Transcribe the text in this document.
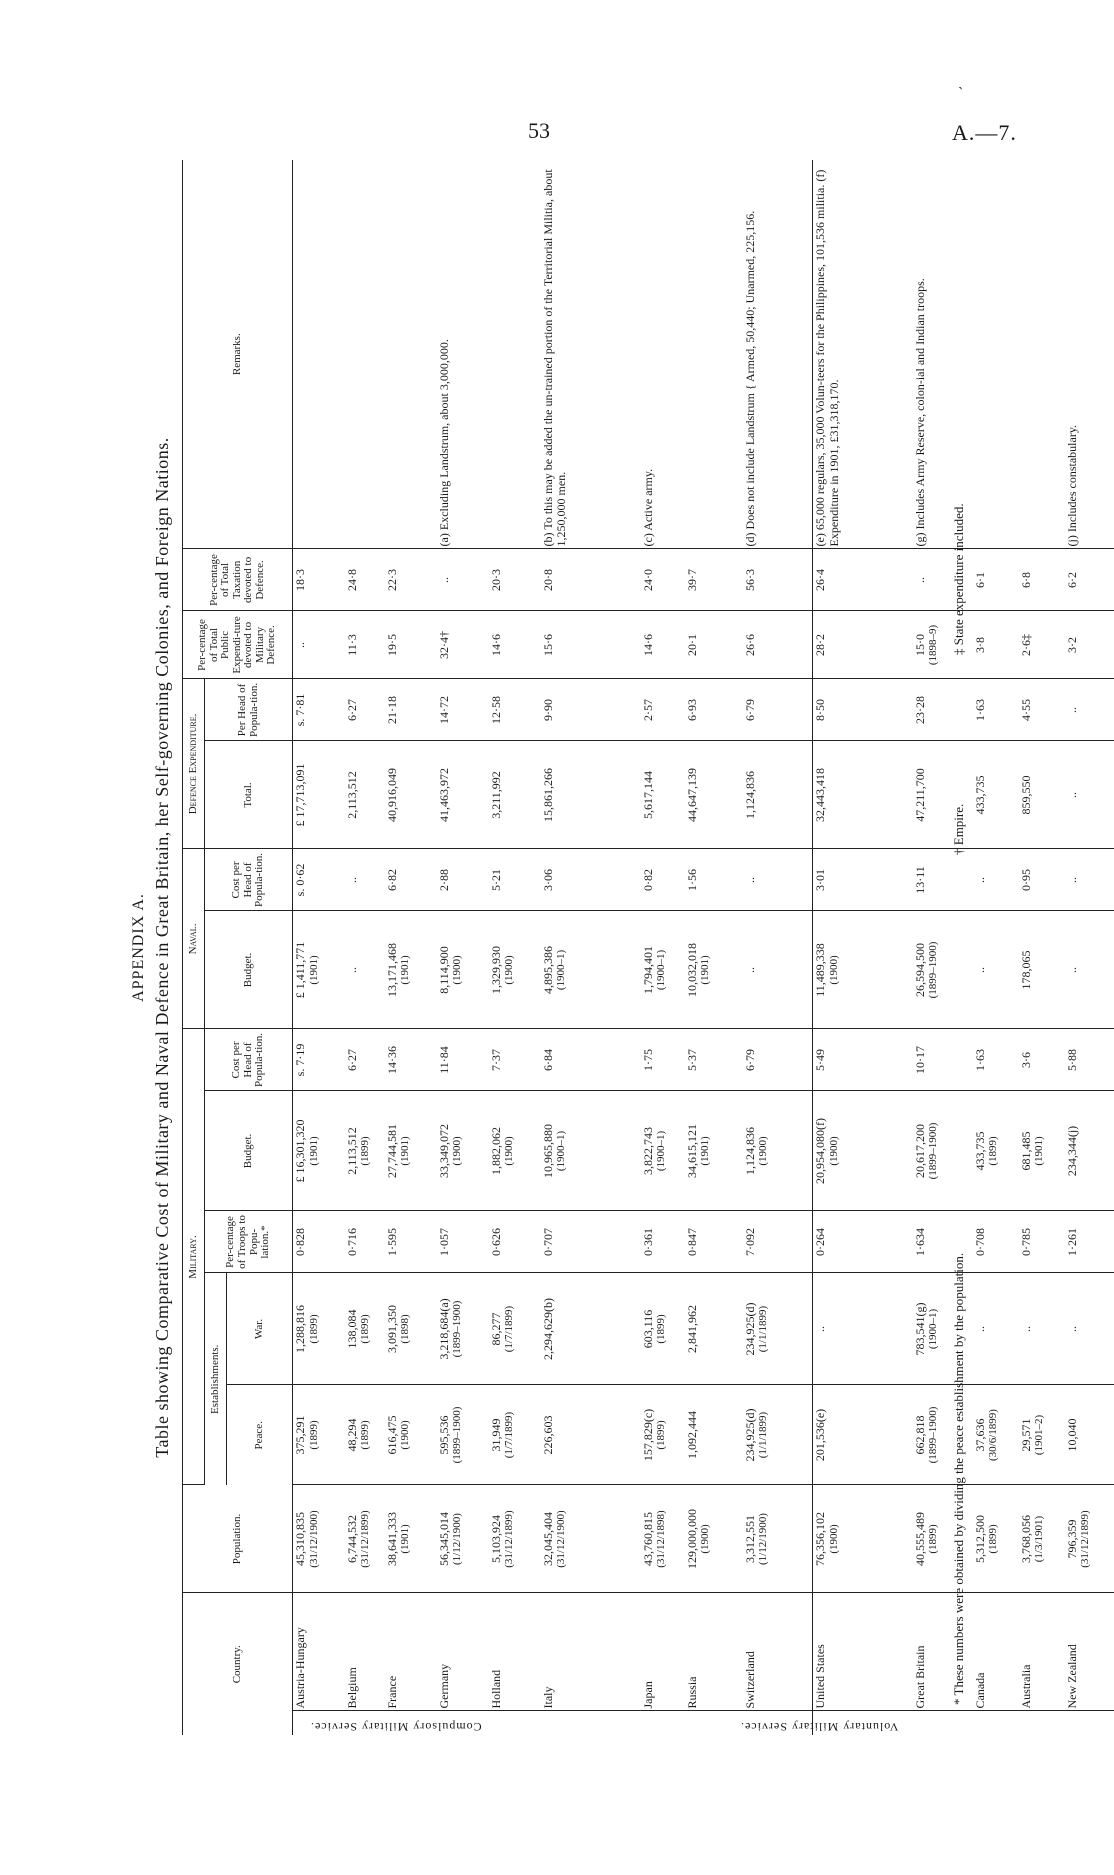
`
53	A.—7.
APPENDIX A. Table showing Comparative Cost of Military and Naval Defence in Great Britain, her Self-governing Colonies, and Foreign Nations.
Country.		Population.	Military.					Naval.		Defence Expenditure.		Per-centage of Total Public Expendi-ture devoted to Military Defence.	Per-centage of Total Taxation devoted to Defence.	Remarks.
			Establishments.		Per-centage of Troops to Popu-lation.*	Budget.	Cost per Head of Popula-tion.	Budget.	Cost per Head of Popula-tion.	Total.	Per Head of Popula-tion.			
			Peace.	War.										
	Austria-Hungary	45,310,835 (31/12/1900)	375,291 (1899)	1,288,816 (1899)	0·828	£ 16,301,320 (1901)	s. 7·19	£ 1,411,771 (1901)	s. 0·62	£ 17,713,091	s. 7·81	..	18·3	
	Belgium	6,744,532 (31/12/1899)	48,294 (1899)	138,084 (1899)	0·716	2,113,512 (1899)	6·27	..	..	2,113,512	6·27	11·3	24·8	
	France	38,641,333 (1901)	616,475 (1900)	3,091,350 (1898)	1·595	27,744,581 (1901)	14·36	13,171,468 (1901)	6·82	40,916,049	21·18	19·5	22·3	
	Germany	56,345,014 (1/12/1900)	595,536 (1899–1900)	3,218,684(a) (1899–1900)	1·057	33,349,072 (1900)	11·84	8,114,900 (1900)	2·88	41,463,972	14·72	32·4†	..	(a) Excluding Landstrum, about 3,000,000.
	Holland	5,103,924 (31/12/1899)	31,949 (1/7/1899)	86,277 (1/7/1899)	0·626	1,882,062 (1900)	7·37	1,329,930 (1900)	5·21	3,211,992	12·58	14·6	20·3	
	Italy	32,045,404 (31/12/1900)	226,603	2,294,629(b)	0·707	10,965,880 (1900–1)	6·84	4,895,386 (1900–1)	3·06	15,861,266	9·90	15·6	20·8	(b) To this may be added the un-trained portion of the Territorial Militia, about 1,250,000 men.
	Japan	43,760,815 (31/12/1898)	157,829(c) (1899)	603,116 (1899)	0·361	3,822,743 (1900–1)	1·75	1,794,401 (1900–1)	0·82	5,617,144	2·57	14·6	24·0	(c) Active army.
	Russia	129,000,000 (1900)	1,092,444	2,841,962	0·847	34,615,121 (1901)	5·37	10,032,018 (1901)	1·56	44,647,139	6·93	20·1	39·7	
	Switzerland	3,312,551 (1/12/1900)	234,925(d) (1/1/1899)	234,925(d) (1/1/1899)	7·092	1,124,836 (1900)	6·79	..	..	1,124,836	6·79	26·6	56·3	(d) Does not include Landstrum { Armed, 50,440; Unarmed, 225,156.
	United States	76,356,102 (1900)	201,536(e)	..	0·264	20,954,080(f) (1900)	5·49	11,489,338 (1900)	3·01	32,443,418	8·50	28·2	26·4	(e) 65,000 regulars, 35,000 Volun-teers for the Philippines, 101,536 militia. (f) Expenditure in 1901, £31,318,170.
	Great Britain	40,555,489 (1899)	662,818 (1899–1900)	783,541(g) (1900–1)	1·634	20,617,200 (1899–1900)	10·17	26,594,500 (1899–1900)	13·11	47,211,700	23·28	15·0 (1898–9)	..	(g) Includes Army Reserve, colon-ial and Indian troops.
	Canada	5,312,500 (1899)	37,636 (30/6/1899)	..	0·708	433,735 (1899)	1·63	..	..	433,735	1·63	3·8	6·1	
	Australia	3,768,056 (1/3/1901)	29,571 (1901–2)	..	0·785	681,485 (1901)	3·6	178,065	0·95	859,550	4·55	2·6‡	6·8	
	New Zealand	796,359 (31/12/1899)	10,040	..	1·261	234,344(j)	5·88	..	..	..	..	3·2	6·2	(j) Includes constabulary.
Compulsory Military Service.	Voluntary Military Service.
* These numbers were obtained by dividing the peace establishment by the population.
† Empire.
‡ State expenditure included.
